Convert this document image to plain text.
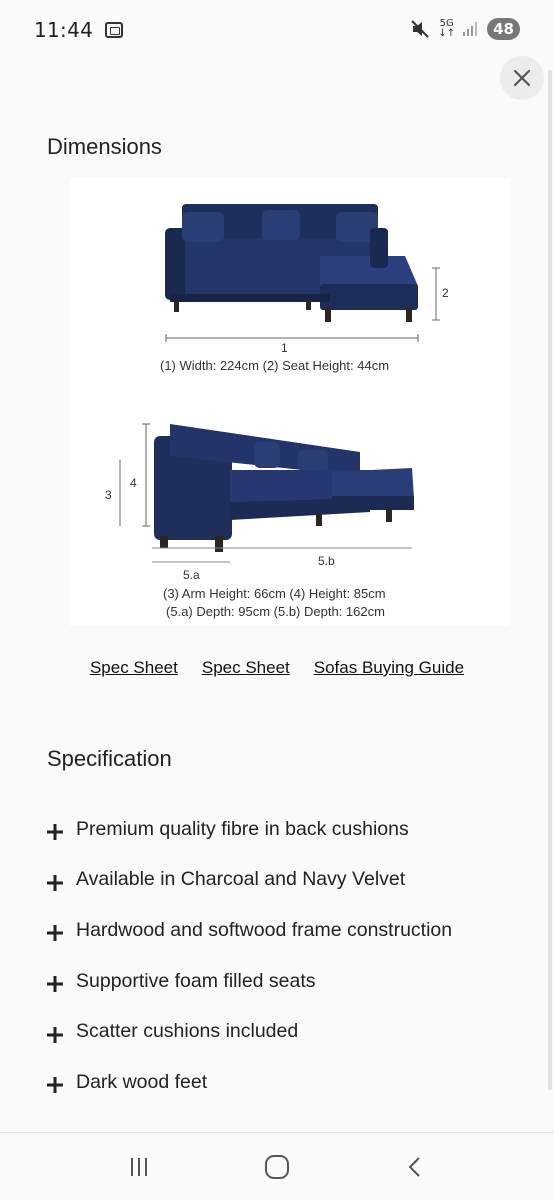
11:44	5G
↓↑	48
Dimensions
2
1
(1) Width: 224cm (2) Seat Height: 44cm
4
3
5.b
5.a
(3) Arm Height: 66cm (4) Height: 85cm
(5.a) Depth: 95cm (5.b) Depth: 162cm
Spec Sheet Spec Sheet Sofas Buying Guide
Specification
Premium quality fibre in back cushions
Available in Charcoal and Navy Velvet
Hardwood and softwood frame construction
Supportive foam filled seats
Scatter cushions included
Dark wood feet
